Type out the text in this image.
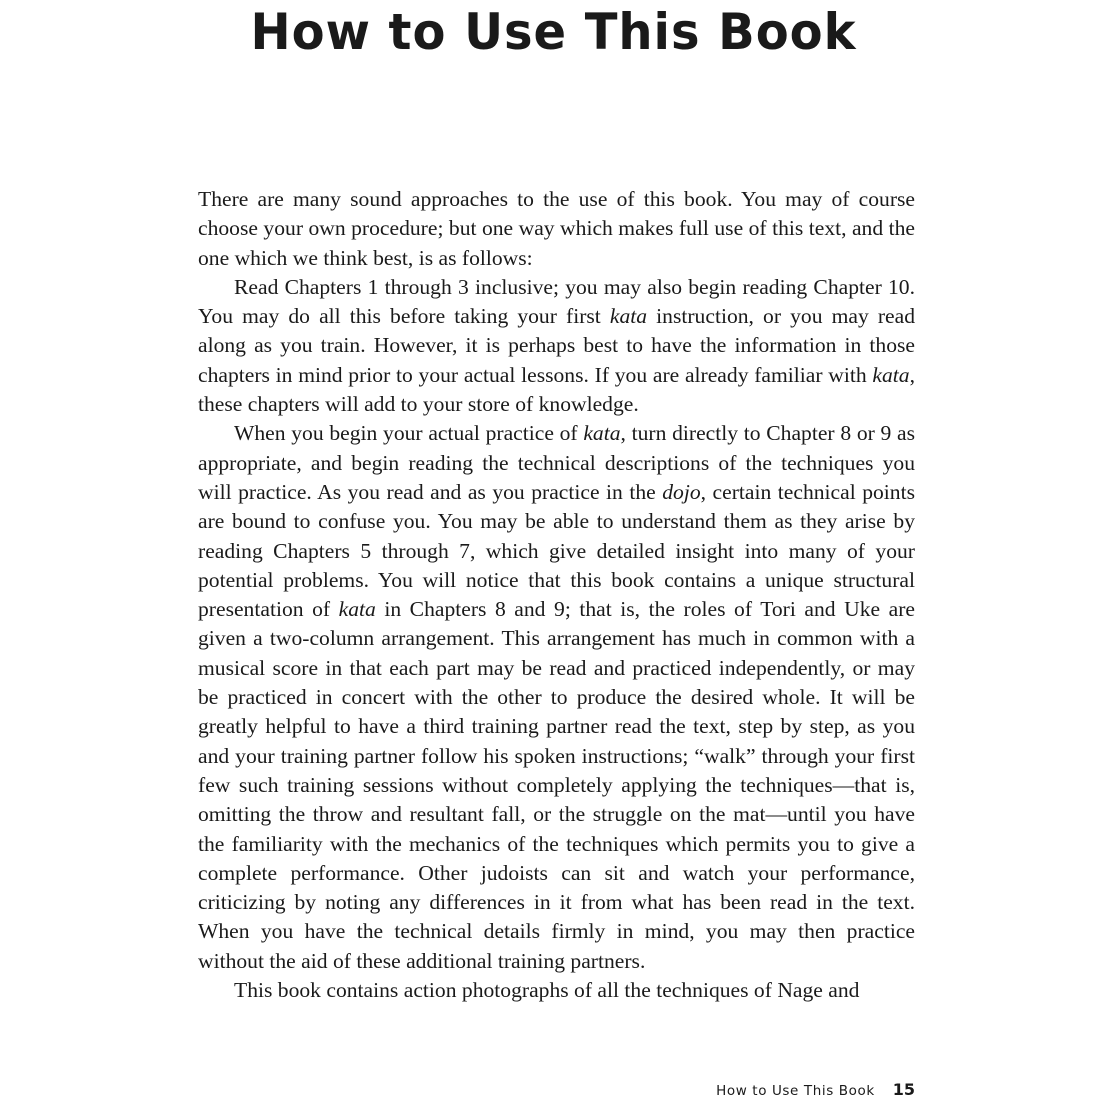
How to Use This Book

There are many sound approaches to the use of this book. You may of course choose your own procedure; but one way which makes full use of this text, and the one which we think best, is as follows:

Read Chapters 1 through 3 inclusive; you may also begin reading Chapter 10. You may do all this before taking your first kata instruction, or you may read along as you train. However, it is perhaps best to have the information in those chapters in mind prior to your actual lessons. If you are already familiar with kata, these chapters will add to your store of knowledge.

When you begin your actual practice of kata, turn directly to Chapter 8 or 9 as appropriate, and begin reading the technical descriptions of the techniques you will practice. As you read and as you practice in the dojo, certain technical points are bound to confuse you. You may be able to understand them as they arise by reading Chapters 5 through 7, which give detailed insight into many of your potential problems. You will notice that this book contains a unique structural presentation of kata in Chapters 8 and 9; that is, the roles of Tori and Uke are given a two-column arrangement. This arrangement has much in common with a musical score in that each part may be read and practiced independently, or may be practiced in concert with the other to produce the desired whole. It will be greatly helpful to have a third training partner read the text, step by step, as you and your training partner follow his spoken instructions; “walk” through your first few such training sessions without completely applying the techniques—that is, omitting the throw and resultant fall, or the struggle on the mat—until you have the familiarity with the mechanics of the techniques which permits you to give a complete performance. Other judoists can sit and watch your performance, criticizing by noting any differences in it from what has been read in the text. When you have the technical details firmly in mind, you may then practice without the aid of these additional training partners.

This book contains action photographs of all the techniques of Nage and

How to Use This Book 15
